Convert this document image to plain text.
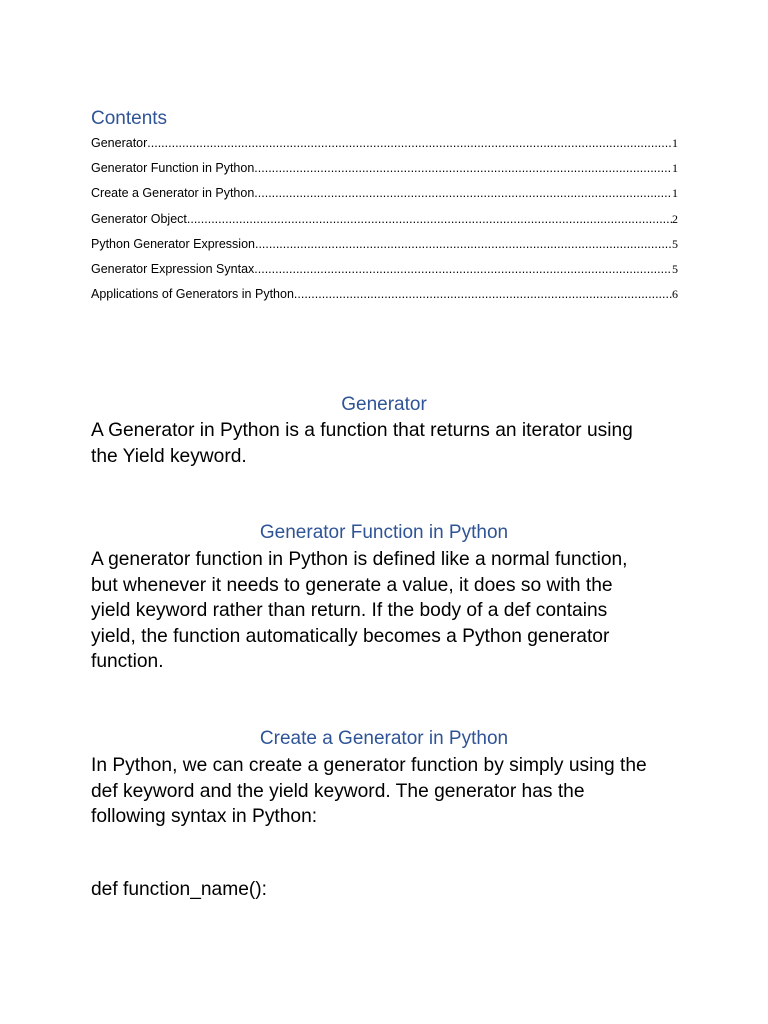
Contents
Generator .....	1
Generator Function in Python .....	1
Create a Generator in Python .....	1
Generator Object .....	2
Python Generator Expression .....	5
Generator Expression Syntax .....	5
Applications of Generators in Python .....	6
Generator
A Generator in Python is a function that returns an iterator using
the Yield keyword.
Generator Function in Python
A generator function in Python is defined like a normal function,
but whenever it needs to generate a value, it does so with the
yield keyword rather than return. If the body of a def contains
yield, the function automatically becomes a Python generator
function.
Create a Generator in Python
In Python, we can create a generator function by simply using the
def keyword and the yield keyword. The generator has the
following syntax in Python:
def function_name():
